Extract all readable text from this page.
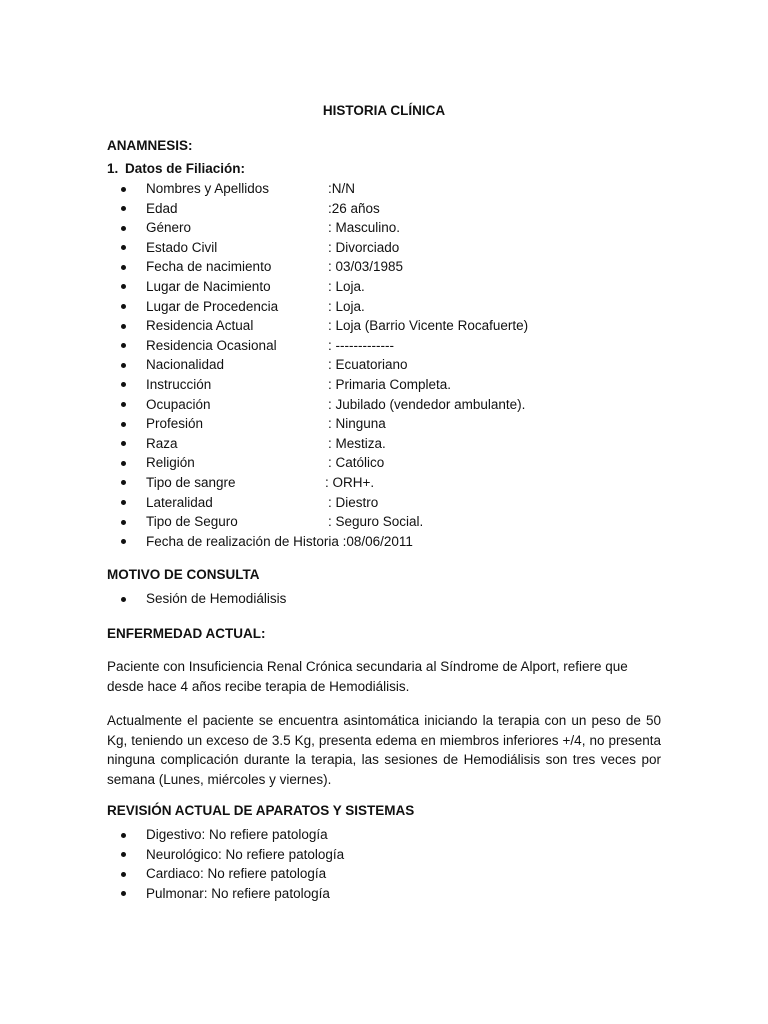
HISTORIA CLÍNICA
ANAMNESIS:
1. Datos de Filiación:
Nombres y Apellidos	:N/N
Edad	:26 años
Género	: Masculino.
Estado Civil	: Divorciado
Fecha de nacimiento	: 03/03/1985
Lugar de Nacimiento	: Loja.
Lugar de Procedencia	: Loja.
Residencia Actual	: Loja (Barrio Vicente Rocafuerte)
Residencia Ocasional	: -------------
Nacionalidad	: Ecuatoriano
Instrucción	: Primaria Completa.
Ocupación	: Jubilado (vendedor ambulante).
Profesión	: Ninguna
Raza	: Mestiza.
Religión	: Católico
Tipo de sangre	: ORH+.
Lateralidad	: Diestro
Tipo de Seguro	: Seguro Social.
Fecha de realización de Historia :08/06/2011
MOTIVO DE CONSULTA
Sesión de Hemodiálisis
ENFERMEDAD ACTUAL:

Paciente con Insuficiencia Renal Crónica secundaria al Síndrome de Alport, refiere que desde hace 4 años recibe terapia de Hemodiálisis.

Actualmente el paciente se encuentra asintomática iniciando la terapia con un peso de 50 Kg, teniendo un exceso de 3.5 Kg, presenta edema en miembros inferiores +/4, no presenta ninguna complicación durante la terapia, las sesiones de Hemodiálisis son tres veces por semana (Lunes, miércoles y viernes).

REVISIÓN ACTUAL DE APARATOS Y SISTEMAS
Digestivo: No refiere patología
Neurológico: No refiere patología
Cardiaco: No refiere patología
Pulmonar: No refiere patología
